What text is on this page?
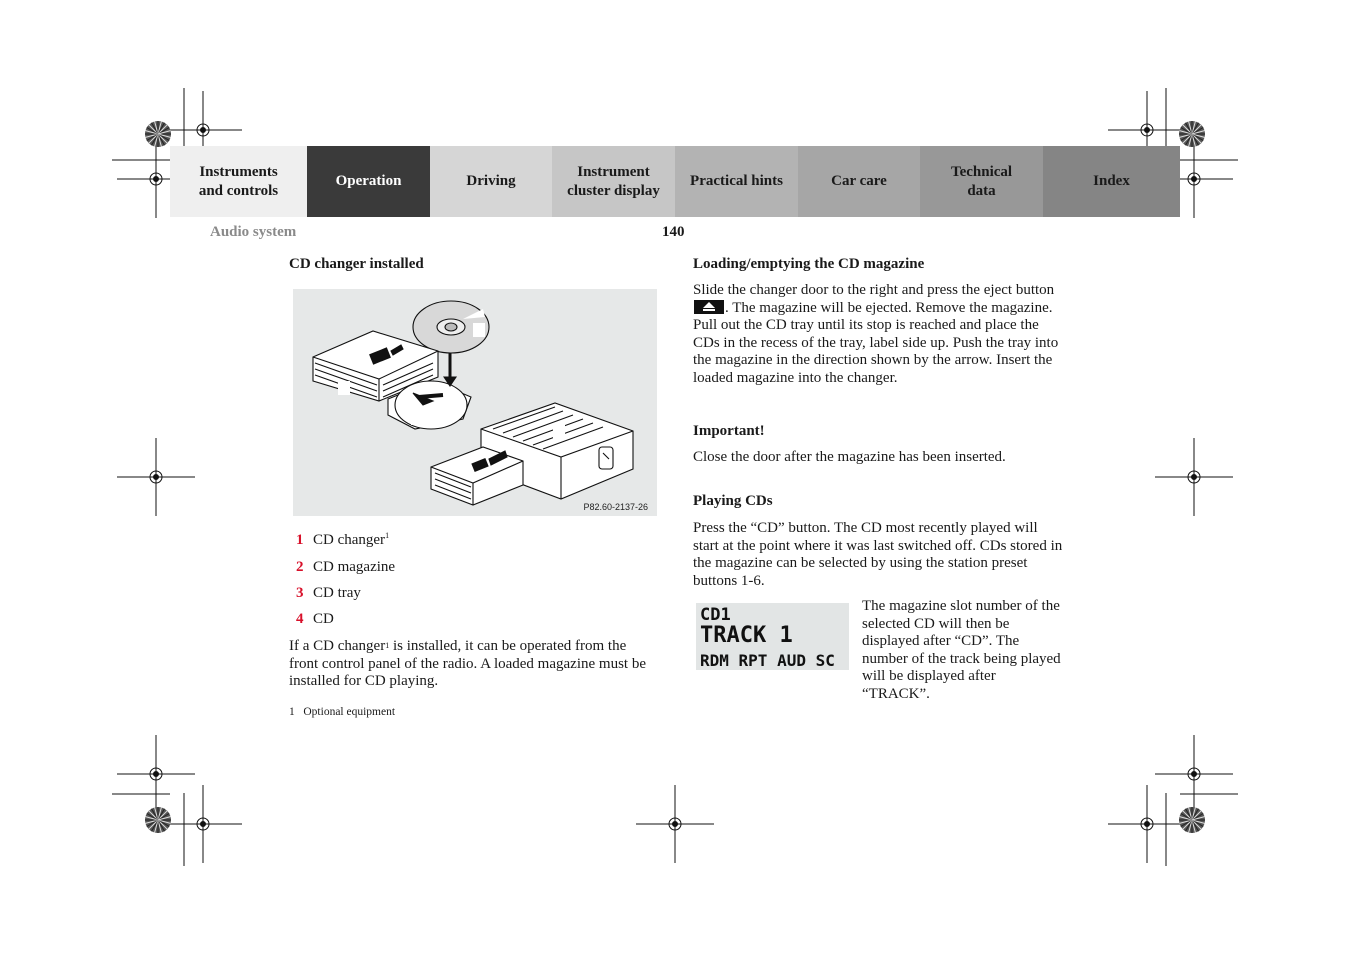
Instruments
and controls
Operation	Driving
Instrument
cluster display
Practical hints	Car care
Technical
data
Index
Audio system	140
CD changer installed
P82.60-2137-26
1 CD changer$^1$
2 CD magazine
3 CD tray
4 CD

If a CD changer$^1$ is installed, it can be operated from the front control panel of the radio. A loaded magazine must be installed for CD playing.

1 Optional equipment
Loading/emptying the CD magazine

Slide the changer door to the right and press the eject button . The magazine will be ejected. Remove the magazine. Pull out the CD tray until its stop is reached and place the CDs in the recess of the tray, label side up. Push the tray into the magazine in the direction shown by the arrow. Insert the loaded magazine into the changer.

Important!

Close the door after the magazine has been inserted.

Playing CDs

Press the “CD” button. The CD most recently played will start at the point where it was last switched off. CDs stored in the magazine can be selected by using the station preset buttons 1-6.

CD1
TRACK 1
RDM RPT AUD SC

The magazine slot number of the selected CD will then be displayed after “CD”. The number of the track being played will be displayed after “TRACK”.
